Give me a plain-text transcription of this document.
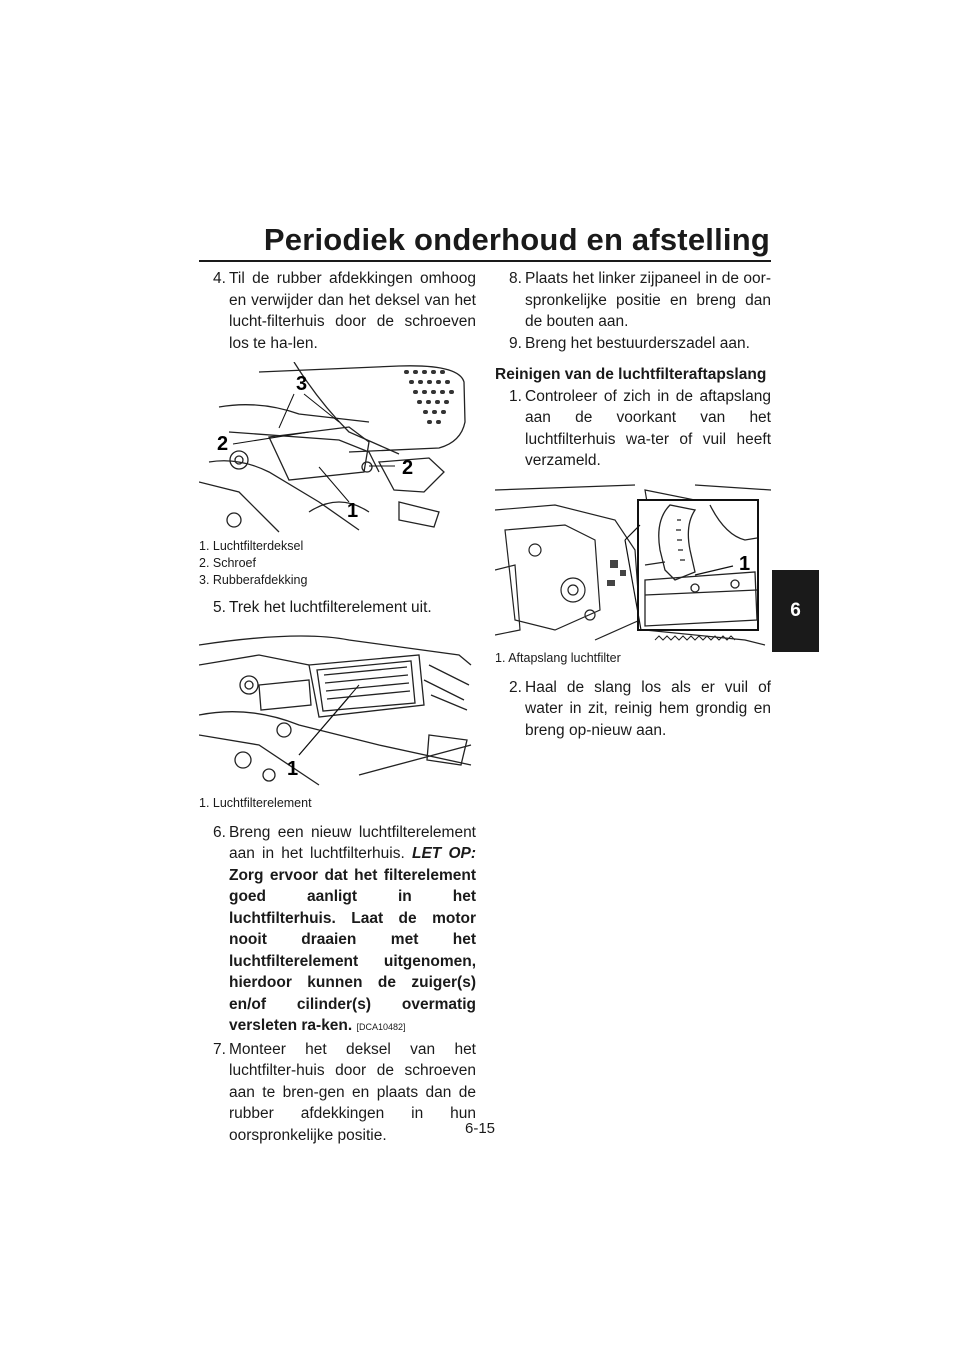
Periodiek onderhoud en afstelling
6
4. Til de rubber afdekkingen omhoog en verwijder dan het deksel van het lucht-filterhuis door de schroeven los te ha-len.
3
2
2
1
1. Luchtfilterdeksel
2. Schroef
3. Rubberafdekking
5. Trek het luchtfilterelement uit.
1
1. Luchtfilterelement
6. Breng een nieuw luchtfilterelement aan in het luchtfilterhuis. LET OP: Zorg ervoor dat het filterelement goed aanligt in het luchtfilterhuis. Laat de motor nooit draaien met het luchtfilterelement uitgenomen, hierdoor kunnen de zuiger(s) en/of cilinder(s) overmatig versleten ra-ken. [DCA10482]
7. Monteer het deksel van het luchtfilter-huis door de schroeven aan te bren-gen en plaats dan de rubber afdekkingen in hun oorspronkelijke positie.
8. Plaats het linker zijpaneel in de oor-spronkelijke positie en breng dan de bouten aan.
9. Breng het bestuurderszadel aan.
Reinigen van de luchtfilteraftapslang
1. Controleer of zich in de aftapslang aan de voorkant van het luchtfilterhuis wa-ter of vuil heeft verzameld.
1
1. Aftapslang luchtfilter
2. Haal de slang los als er vuil of water in zit, reinig hem grondig en breng op-nieuw aan.
6-15
